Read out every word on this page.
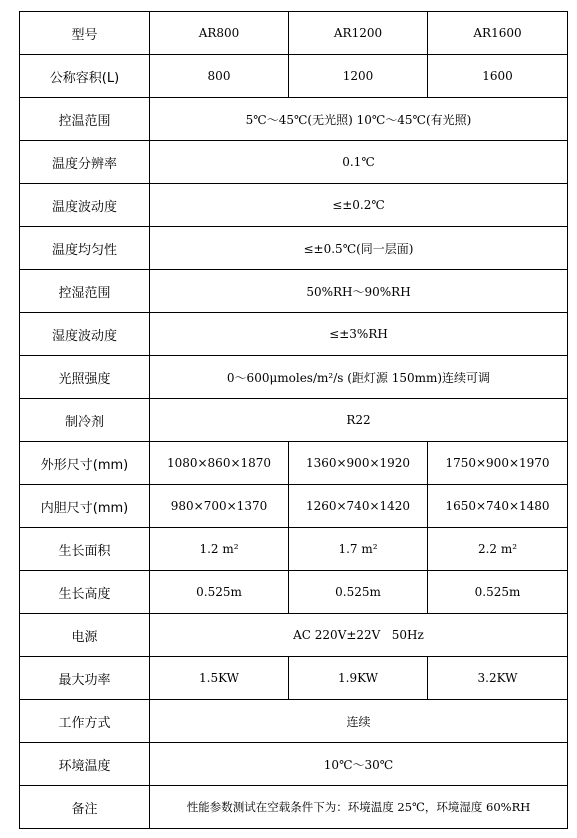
型号	AR800	AR1200	AR1600
公称容积(L)	800	1200	1600
控温范围	5℃～45℃(无光照) 10℃～45℃(有光照)		
温度分辨率	0.1℃		
温度波动度	≤±0.2℃		
温度均匀性	≤±0.5℃(同一层面)		
控湿范围	50%RH～90%RH		
湿度波动度	≤±3%RH		
光照强度	0～600μmoles/m²/s (距灯源 150mm)连续可调		
制冷剂	R22		
外形尺寸(mm)	1080×860×1870	1360×900×1920	1750×900×1970
内胆尺寸(mm)	980×700×1370	1260×740×1420	1650×740×1480
生长面积	1.2 m²	1.7 m²	2.2 m²
生长高度	0.525m	0.525m	0.525m
电源	AC 220V±22V   50Hz		
最大功率	1.5KW	1.9KW	3.2KW
工作方式	连续		
环境温度	10℃～30℃		
备注	性能参数测试在空载条件下为：环境温度 25℃，环境湿度 60%RH		
